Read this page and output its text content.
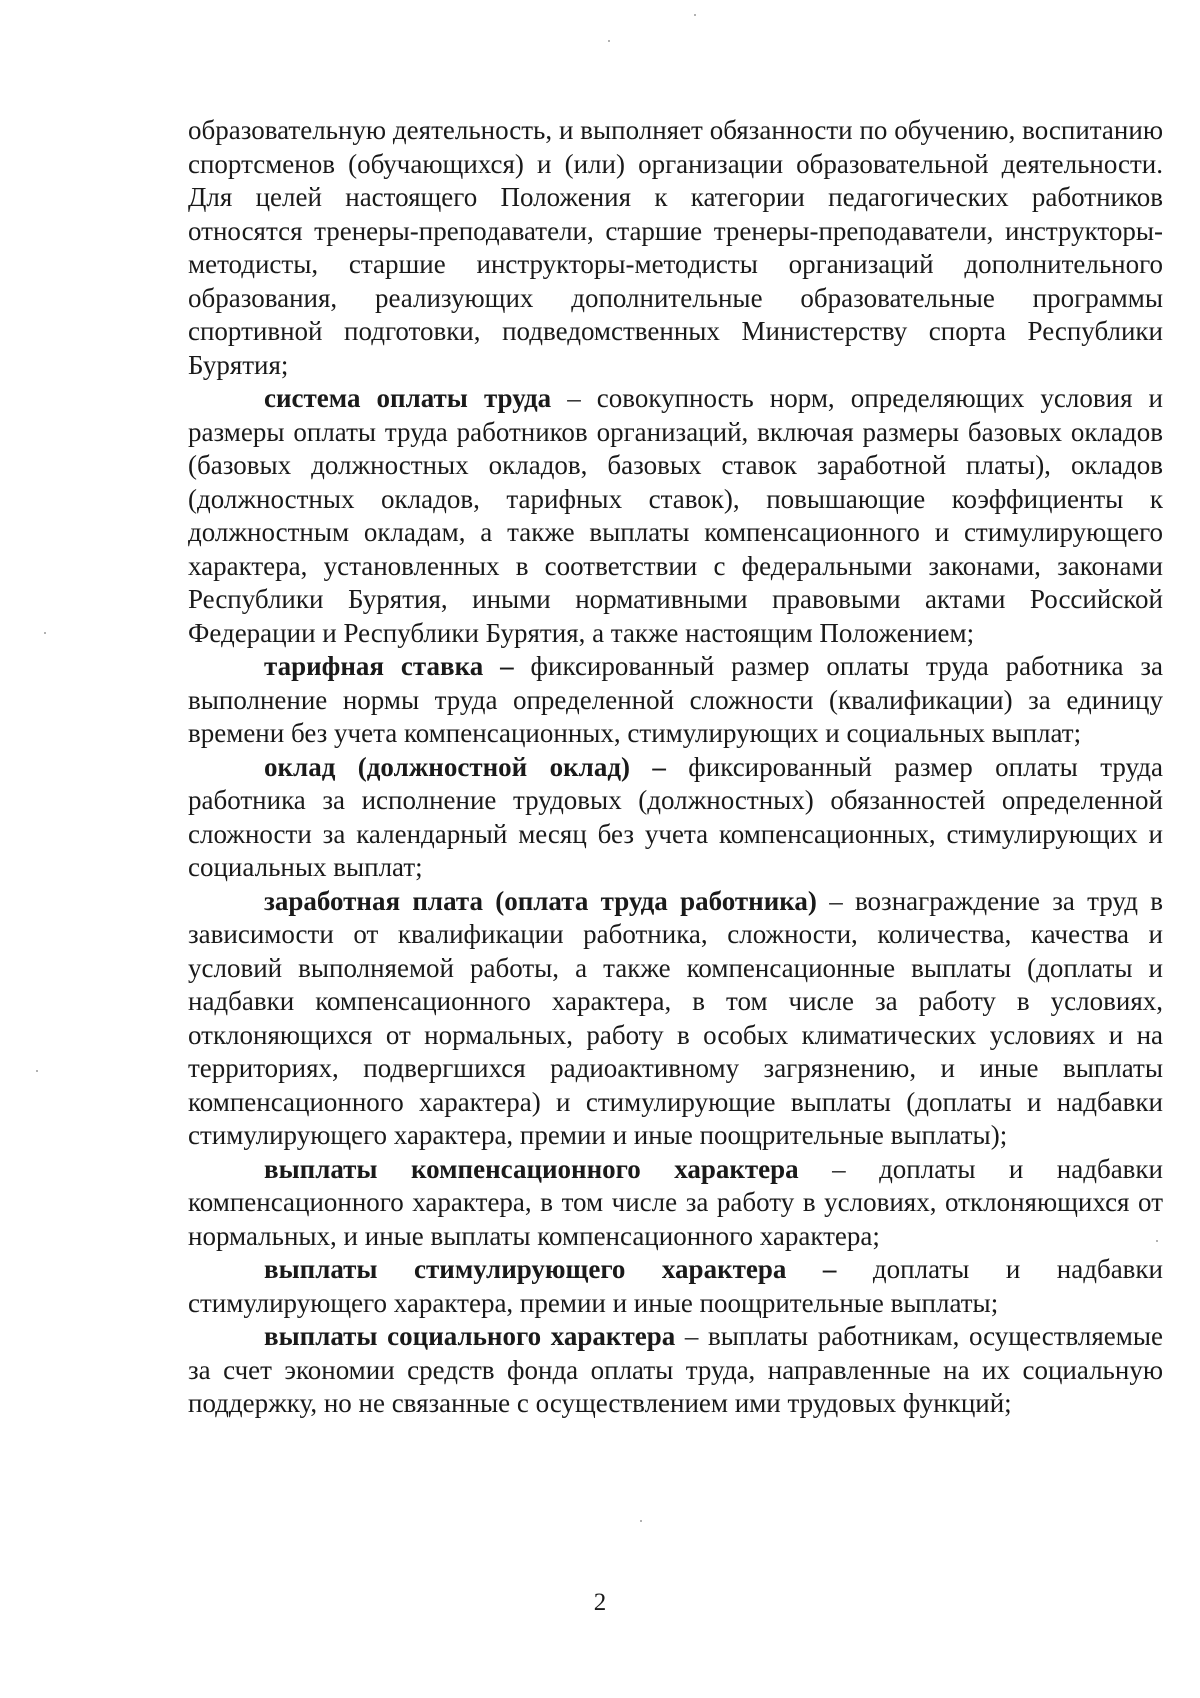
образовательную деятельность, и выполняет обязанности по обучению, воспитанию спортсменов (обучающихся) и (или) организации образовательной деятельности. Для целей настоящего Положения к категории педагогических работников относятся тренеры-преподаватели, старшие тренеры-преподаватели, инструкторы-методисты, старшие инструкторы-методисты организаций дополнительного образования, реализующих дополнительные образовательные программы спортивной подготовки, подведомственных Министерству спорта Республики Бурятия;

система оплаты труда – совокупность норм, определяющих условия и размеры оплаты труда работников организаций, включая размеры базовых окладов (базовых должностных окладов, базовых ставок заработной платы), окладов (должностных окладов, тарифных ставок), повышающие коэффициенты к должностным окладам, а также выплаты компенсационного и стимулирующего характера, установленных в соответствии с федеральными законами, законами Республики Бурятия, иными нормативными правовыми актами Российской Федерации и Республики Бурятия, а также настоящим Положением;

тарифная ставка – фиксированный размер оплаты труда работника за выполнение нормы труда определенной сложности (квалификации) за единицу времени без учета компенсационных, стимулирующих и социальных выплат;

оклад (должностной оклад) – фиксированный размер оплаты труда работника за исполнение трудовых (должностных) обязанностей определенной сложности за календарный месяц без учета компенсационных, стимулирующих и социальных выплат;

заработная плата (оплата труда работника) – вознаграждение за труд в зависимости от квалификации работника, сложности, количества, качества и условий выполняемой работы, а также компенсационные выплаты (доплаты и надбавки компенсационного характера, в том числе за работу в условиях, отклоняющихся от нормальных, работу в особых климатических условиях и на территориях, подвергшихся радиоактивному загрязнению, и иные выплаты компенсационного характера) и стимулирующие выплаты (доплаты и надбавки стимулирующего характера, премии и иные поощрительные выплаты);

выплаты компенсационного характера – доплаты и надбавки компенсационного характера, в том числе за работу в условиях, отклоняющихся от нормальных, и иные выплаты компенсационного характера;

выплаты стимулирующего характера – доплаты и надбавки стимулирующего характера, премии и иные поощрительные выплаты;

выплаты социального характера – выплаты работникам, осуществляемые за счет экономии средств фонда оплаты труда, направленные на их социальную поддержку, но не связанные с осуществлением ими трудовых функций;

2
